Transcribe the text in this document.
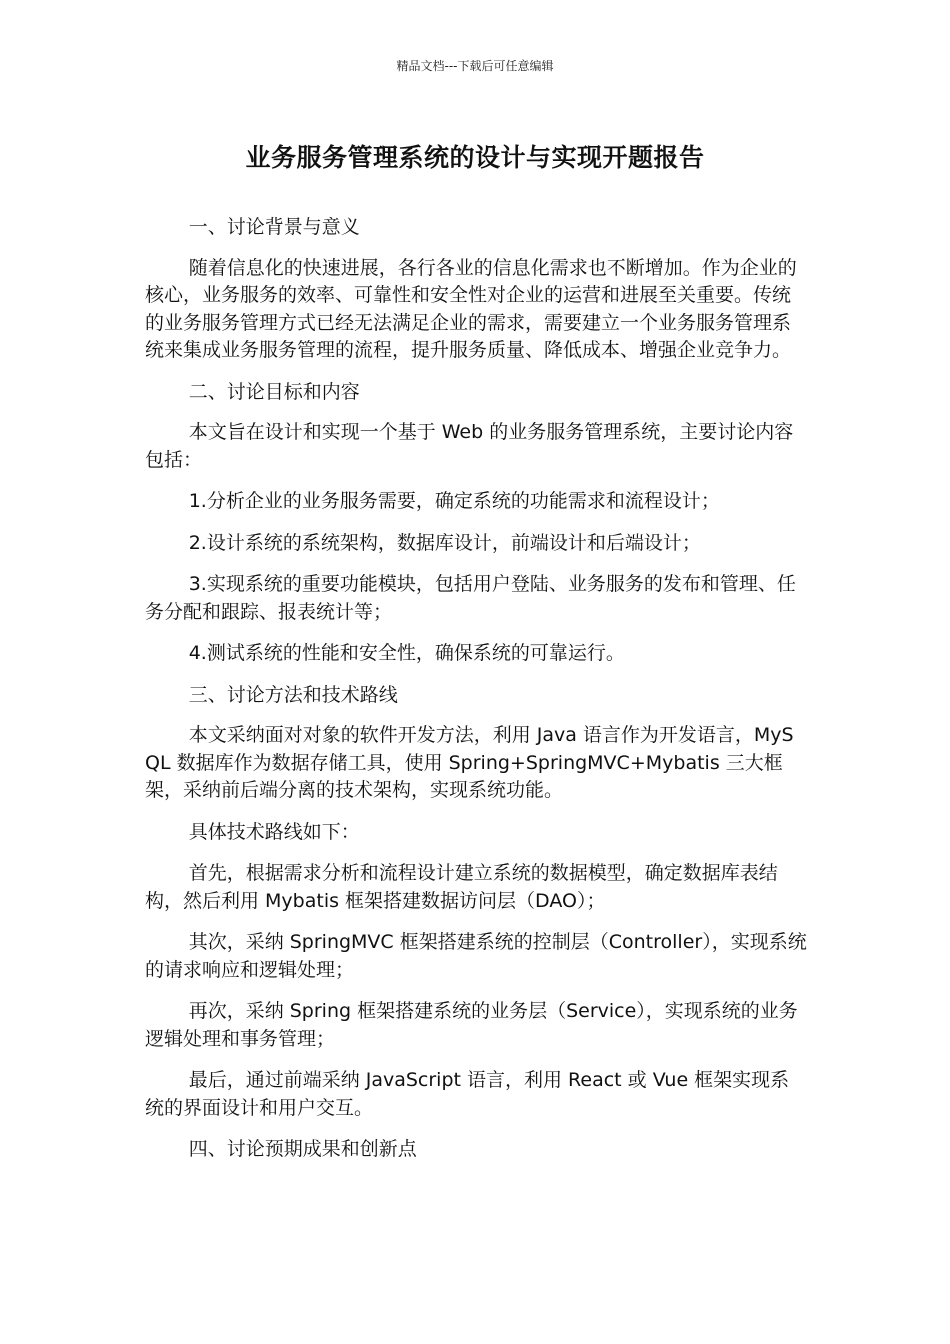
精品文档---下载后可任意编辑
业务服务管理系统的设计与实现开题报告

一、讨论背景与意义

随着信息化的快速进展，各行各业的信息化需求也不断增加。作为企业的核心，业务服务的效率、可靠性和安全性对企业的运营和进展至关重要。传统的业务服务管理方式已经无法满足企业的需求，需要建立一个业务服务管理系统来集成业务服务管理的流程，提升服务质量、降低成本、增强企业竞争力。

二、讨论目标和内容

本文旨在设计和实现一个基于 Web 的业务服务管理系统，主要讨论内容包括：

1.分析企业的业务服务需要，确定系统的功能需求和流程设计；

2.设计系统的系统架构，数据库设计，前端设计和后端设计；

3.实现系统的重要功能模块，包括用户登陆、业务服务的发布和管理、任务分配和跟踪、报表统计等；

4.测试系统的性能和安全性，确保系统的可靠运行。

三、讨论方法和技术路线

本文采纳面对对象的软件开发方法，利用 Java 语言作为开发语言，MySQL 数据库作为数据存储工具，使用 Spring+SpringMVC+Mybatis 三大框架，采纳前后端分离的技术架构，实现系统功能。

具体技术路线如下：

首先，根据需求分析和流程设计建立系统的数据模型，确定数据库表结构，然后利用 Mybatis 框架搭建数据访问层（DAO）；

其次，采纳 SpringMVC 框架搭建系统的控制层（Controller），实现系统的请求响应和逻辑处理；

再次，采纳 Spring 框架搭建系统的业务层（Service），实现系统的业务逻辑处理和事务管理；

最后，通过前端采纳 JavaScript 语言，利用 React 或 Vue 框架实现系统的界面设计和用户交互。

四、讨论预期成果和创新点
